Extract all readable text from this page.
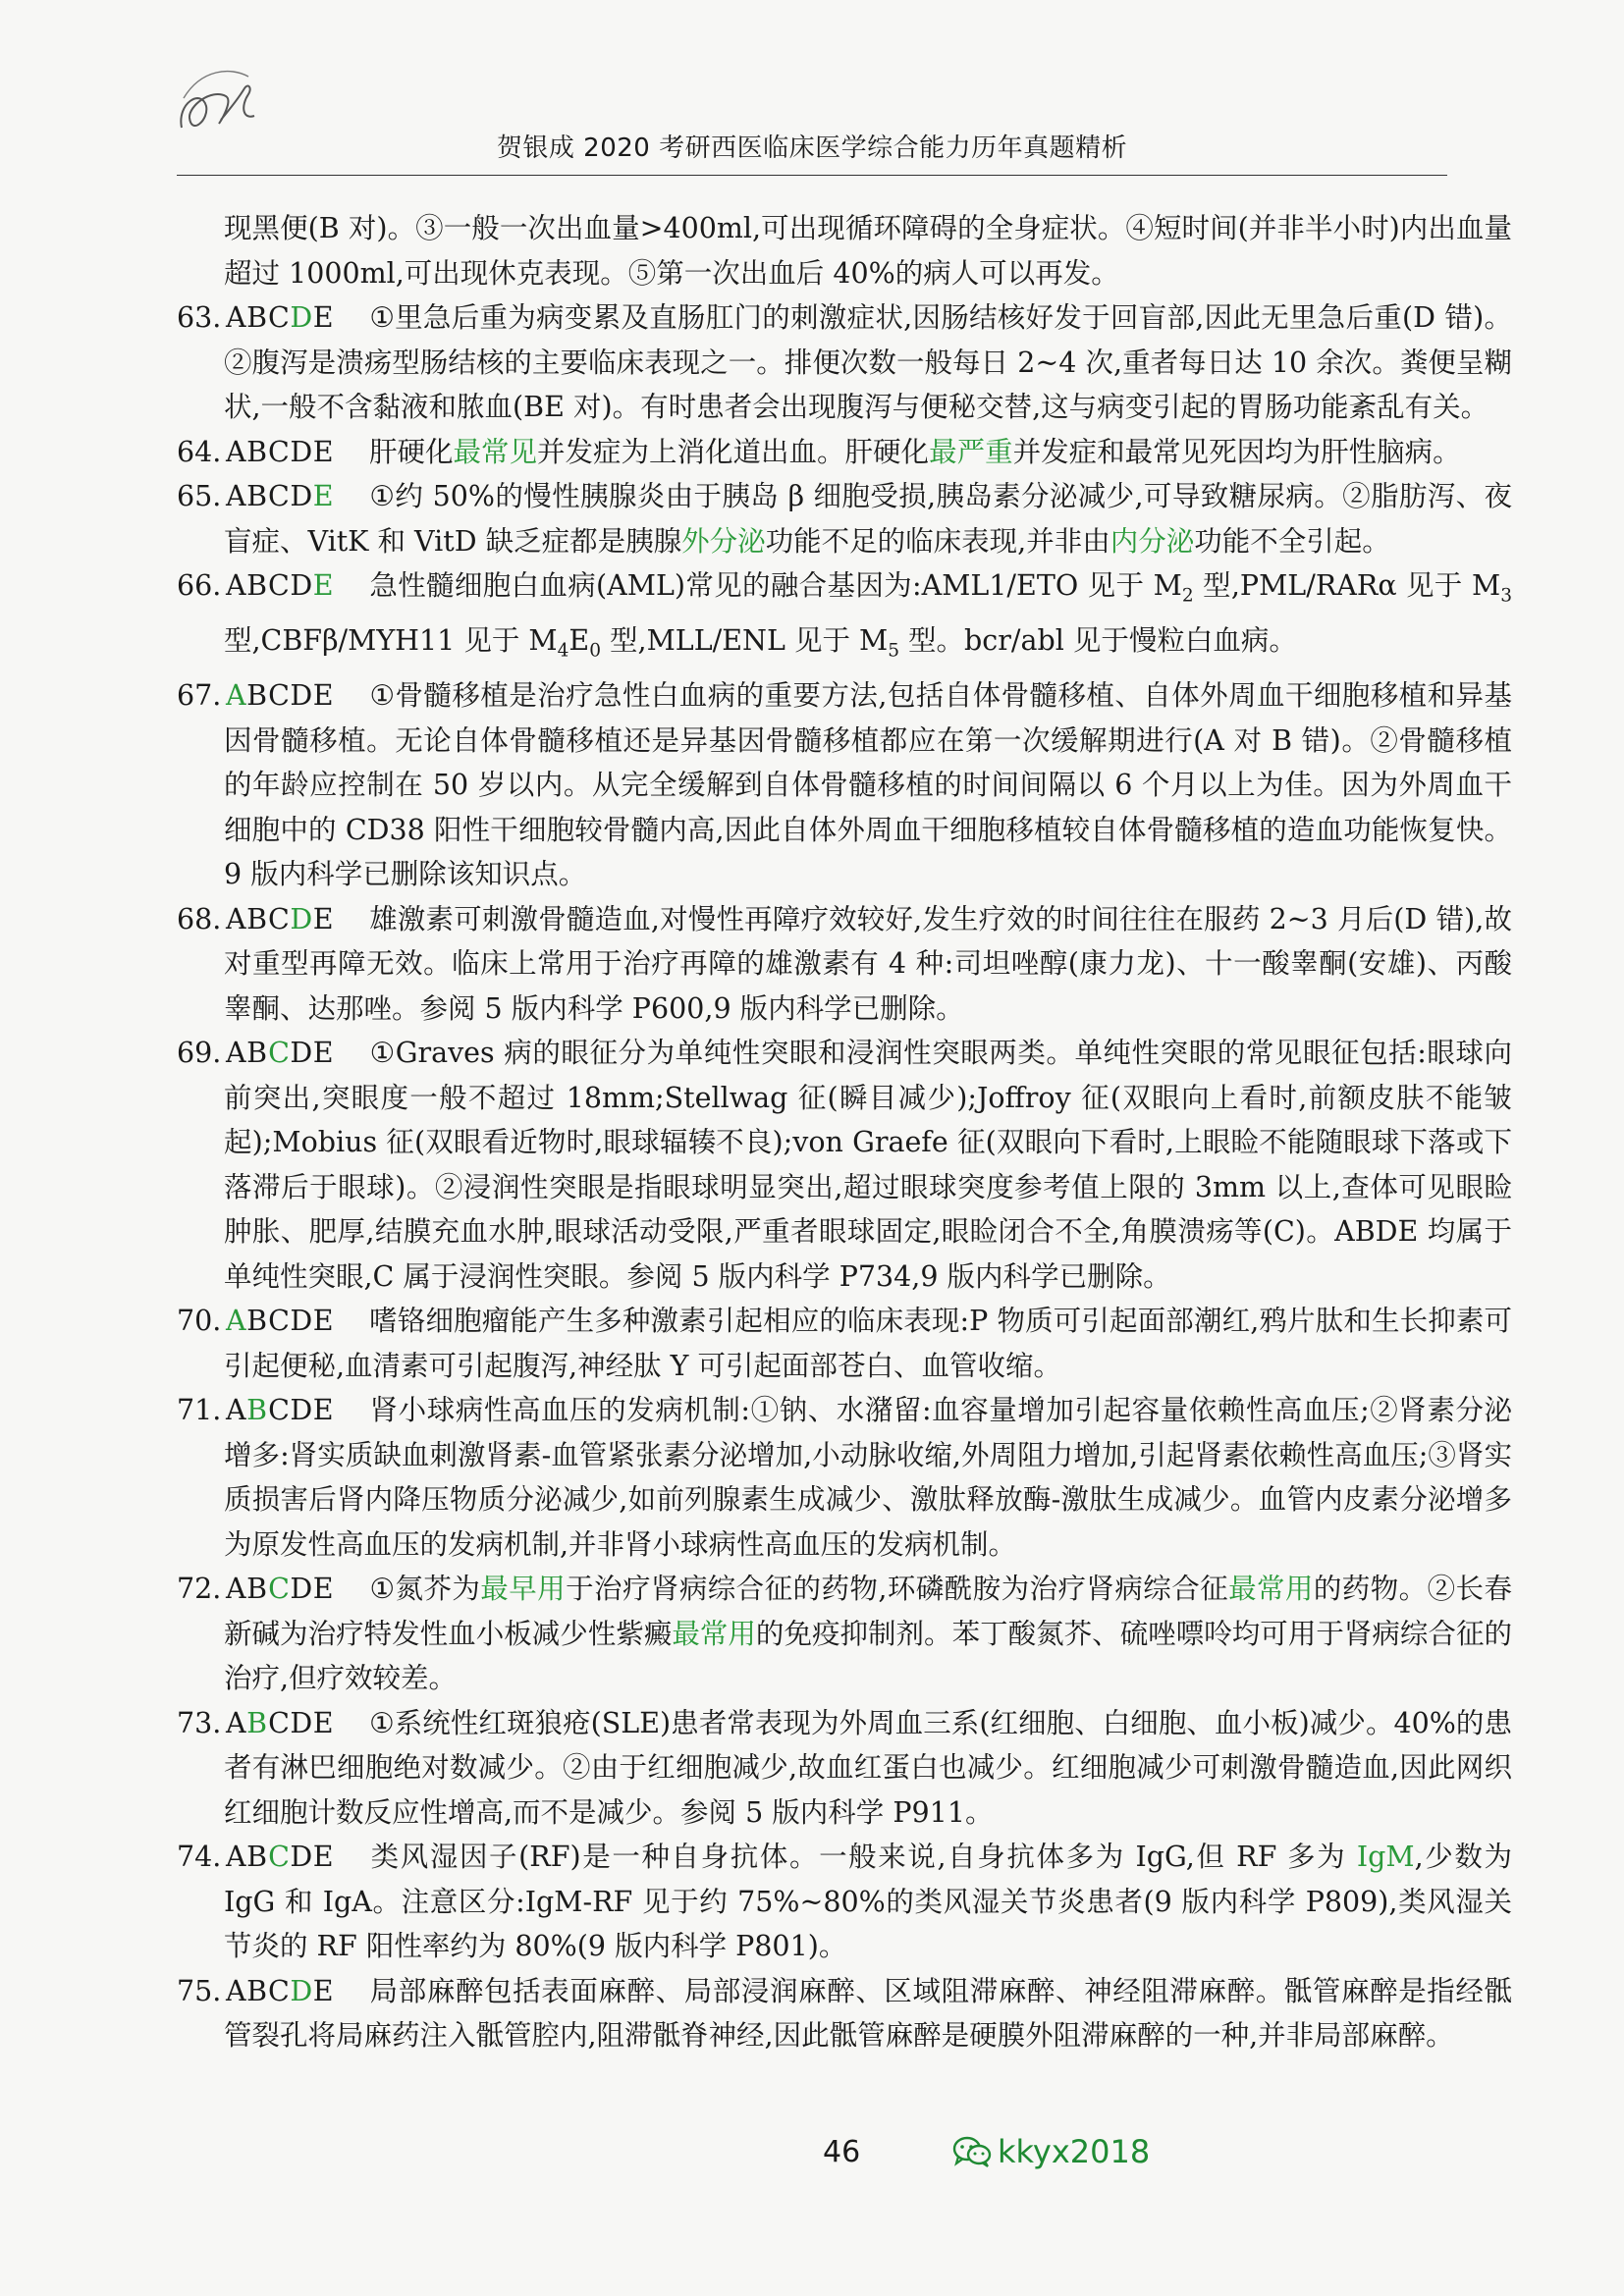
贺银成 2020 考研西医临床医学综合能力历年真题精析

现黑便(B 对)。③一般一次出血量>400ml,可出现循环障碍的全身症状。④短时间(并非半小时)内出血量超过 1000ml,可出现休克表现。⑤第一次出血后 40%的病人可以再发。

63. ABCDE ①里急后重为病变累及直肠肛门的刺激症状,因肠结核好发于回盲部,因此无里急后重(D 错)。②腹泻是溃疡型肠结核的主要临床表现之一。排便次数一般每日 2~4 次,重者每日达 10 余次。粪便呈糊状,一般不含黏液和脓血(BE 对)。有时患者会出现腹泻与便秘交替,这与病变引起的胃肠功能紊乱有关。

64. ABCDE 肝硬化最常见并发症为上消化道出血。肝硬化最严重并发症和最常见死因均为肝性脑病。

65. ABCDE ①约 50%的慢性胰腺炎由于胰岛 β 细胞受损,胰岛素分泌减少,可导致糖尿病。②脂肪泻、夜盲症、VitK 和 VitD 缺乏症都是胰腺外分泌功能不足的临床表现,并非由内分泌功能不全引起。

66. ABCDE 急性髓细胞白血病(AML)常见的融合基因为:AML1/ETO 见于 $M_2$ 型,PML/RARα 见于 $M_3$ 型,CBFβ/MYH11 见于 $M_4E_0$ 型,MLL/ENL 见于 $M_5$ 型。bcr/abl 见于慢粒白血病。

67. ABCDE ①骨髓移植是治疗急性白血病的重要方法,包括自体骨髓移植、自体外周血干细胞移植和异基因骨髓移植。无论自体骨髓移植还是异基因骨髓移植都应在第一次缓解期进行(A 对 B 错)。②骨髓移植的年龄应控制在 50 岁以内。从完全缓解到自体骨髓移植的时间间隔以 6 个月以上为佳。因为外周血干细胞中的 CD38 阳性干细胞较骨髓内高,因此自体外周血干细胞移植较自体骨髓移植的造血功能恢复快。9 版内科学已删除该知识点。

68. ABCDE 雄激素可刺激骨髓造血,对慢性再障疗效较好,发生疗效的时间往往在服药 2~3 月后(D 错),故对重型再障无效。临床上常用于治疗再障的雄激素有 4 种:司坦唑醇(康力龙)、十一酸睾酮(安雄)、丙酸睾酮、达那唑。参阅 5 版内科学 P600,9 版内科学已删除。

69. ABCDE ①Graves 病的眼征分为单纯性突眼和浸润性突眼两类。单纯性突眼的常见眼征包括:眼球向前突出,突眼度一般不超过 18mm;Stellwag 征(瞬目减少);Joffroy 征(双眼向上看时,前额皮肤不能皱起);Mobius 征(双眼看近物时,眼球辐辏不良);von Graefe 征(双眼向下看时,上眼睑不能随眼球下落或下落滞后于眼球)。②浸润性突眼是指眼球明显突出,超过眼球突度参考值上限的 3mm 以上,查体可见眼睑肿胀、肥厚,结膜充血水肿,眼球活动受限,严重者眼球固定,眼睑闭合不全,角膜溃疡等(C)。ABDE 均属于单纯性突眼,C 属于浸润性突眼。参阅 5 版内科学 P734,9 版内科学已删除。

70. ABCDE 嗜铬细胞瘤能产生多种激素引起相应的临床表现:P 物质可引起面部潮红,鸦片肽和生长抑素可引起便秘,血清素可引起腹泻,神经肽 Y 可引起面部苍白、血管收缩。

71. ABCDE 肾小球病性高血压的发病机制:①钠、水潴留:血容量增加引起容量依赖性高血压;②肾素分泌增多:肾实质缺血刺激肾素-血管紧张素分泌增加,小动脉收缩,外周阻力增加,引起肾素依赖性高血压;③肾实质损害后肾内降压物质分泌减少,如前列腺素生成减少、激肽释放酶-激肽生成减少。血管内皮素分泌增多为原发性高血压的发病机制,并非肾小球病性高血压的发病机制。

72. ABCDE ①氮芥为最早用于治疗肾病综合征的药物,环磷酰胺为治疗肾病综合征最常用的药物。②长春新碱为治疗特发性血小板减少性紫癜最常用的免疫抑制剂。苯丁酸氮芥、硫唑嘌呤均可用于肾病综合征的治疗,但疗效较差。

73. ABCDE ①系统性红斑狼疮(SLE)患者常表现为外周血三系(红细胞、白细胞、血小板)减少。40%的患者有淋巴细胞绝对数减少。②由于红细胞减少,故血红蛋白也减少。红细胞减少可刺激骨髓造血,因此网织红细胞计数反应性增高,而不是减少。参阅 5 版内科学 P911。

74. ABCDE 类风湿因子(RF)是一种自身抗体。一般来说,自身抗体多为 IgG,但 RF 多为 IgM,少数为 IgG 和 IgA。注意区分:IgM-RF 见于约 75%~80%的类风湿关节炎患者(9 版内科学 P809),类风湿关节炎的 RF 阳性率约为 80%(9 版内科学 P801)。

75. ABCDE 局部麻醉包括表面麻醉、局部浸润麻醉、区域阻滞麻醉、神经阻滞麻醉。骶管麻醉是指经骶管裂孔将局麻药注入骶管腔内,阻滞骶脊神经,因此骶管麻醉是硬膜外阻滞麻醉的一种,并非局部麻醉。

46	kkyx2018
